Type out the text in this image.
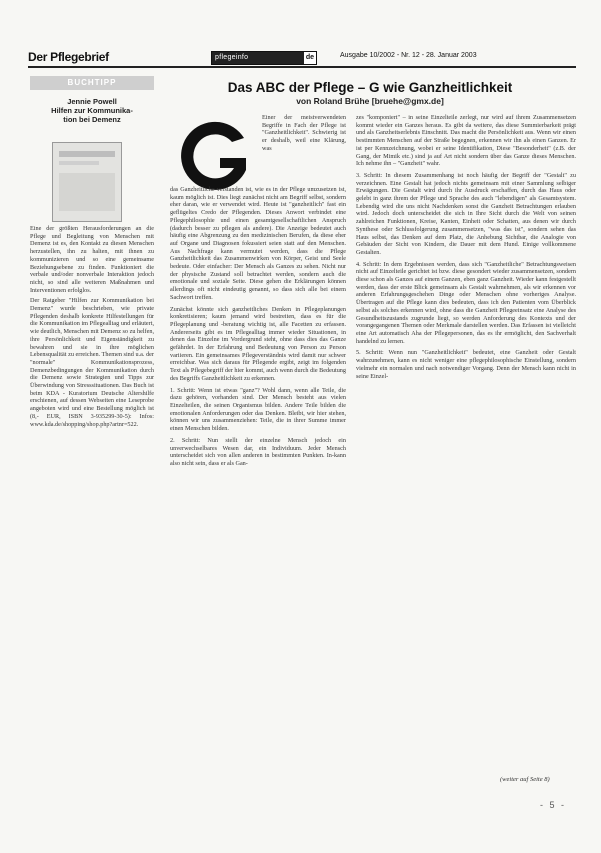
Der Pflegebrief	pflegeinfo	de	Ausgabe 10/2002 - Nr. 12 - 28. Januar 2003
BUCHTIPP
Jennie Powell
Hilfen zur Kommunika-
tion bei Demenz

Eine der größten Herausforderungen an die Pflege und Begleitung von Menschen mit Demenz ist es, den Kontakt zu diesen Menschen herzustellen, ihn zu halten, mit ihnen zu kommunizieren und so eine gemeinsame Beziehungsebene zu finden. Funktioniert die verbale und/oder nonverbale Interaktion jedoch nicht, so sind alle weiteren Maßnahmen und Interventionen erfolglos.

Der Ratgeber "Hilfen zur Kommunikation bei Demenz" wurde beschrieben, wie private Pflegenden deshalb konkrete Hilfestellungen für die Kommunikation im Pflegealltag und erläutert, wie deutlich, Menschen mit Demenz so zu helfen, ihre Persönlichkeit und Eigenständigkeit zu bewahren und sie in ihre möglichen Lebensqualität zu erreichen. Themen sind u.a. der "normale" Kommunikationsprozess, Demenzbedingungen der Kommunikation durch die Demenz sowie Strategien und Tipps zur Überwindung von Stresssituationen. Das Buch ist beim KDA - Kuratorium Deutsche Altershilfe erschienen, auf dessen Webseiten eine Leseprobe angeboten wird und eine Bestellung möglich ist (8,- EUR, ISBN 3-935299-30-5): Infos: www.kda.de/shopping/shop.php?artnr=522.

Das ABC der Pflege – G wie Ganzheitlichkeit
von Roland Brühe [bruehe@gmx.de]
Einer der meistverwendeten Begriffe in Fach der Pflege ist "Ganzheitlichkeit". Schwierig ist er deshalb, weil eine Klärung, was

das Ganzheitliche verstanden ist, wie es in der Pflege umzusetzen ist, kaum möglich ist. Dies liegt zunächst nicht am Begriff selbst, sondern eher daran, wie er verwendet wird. Heute ist "ganzheitlich" fast ein geflügeltes Credo der Pflegenden. Dieses Anwort verbindet eine Pflegephilosophie und einen gesamtgesellschaftlichen Anspruch (dadurch besser zu pflegen als andere). Die Anzeige bedeutet auch häufig eine Abgrenzung zu den medizinischen Berufen, da diese eher auf Organe und Diagnosen fokussiert seien statt auf den Menschen. Aus Nachfrage kann vermutet werden, dass die Pflege Ganzheitlichkeit das Zusammenwirken von Körper, Geist und Seele bedeute. Oder einfacher: Der Mensch als Ganzes zu sehen. Nicht nur der physische Zustand soll betrachtet werden, sondern auch die emotionale und soziale Seite. Diese gehen die Erklärungen können allerdings oft nicht eindeutig genannt, so dass sich alle bei einem Sachwort treffen.

Zunächst könnte sich ganzheitliches Denken in Pflegeplanungen konkretisieren; kaum jemand wird bestreiten, dass es für die Pflegeplanung und -beratung wichtig ist, alle Facetten zu erfassen. Andererseits gibt es im Pflegealltag immer wieder Situationen, in denen das Einzelne im Vordergrund steht, ohne dass dies das Ganze gefährdet. In der Erfahrung und Bedeutung von Person zu Person variieren. Ein gemeinsames Pflegeverständnis wird damit nur schwer erreichbar. Was sich daraus für Pflegende ergibt, zeigt im folgenden Text als Pflegebegriff der hier kommt, auch wenn durch die Bedeutung des Begriffs Ganzheitlichkeit zu erkennen.

1. Schritt: Wenn ist etwas "ganz"? Wohl dann, wenn alle Teile, die dazu gehören, vorhanden sind. Der Mensch besteht aus vielen Einzelteilen, die seinen Organismus bilden. Andere Teile bilden die emotionalen Anforderungen oder das Denken. Bleibt, wir hier stehen, können wir uns zusammenziehen: Teile, die in ihrer Summe immer einen Menschen bilden.

2. Schritt: Nun stellt der einzelne Mensch jedoch ein unverwechselbares Wesen dar, ein Individuum. Jeder Mensch unterscheidet sich von allen anderen in bestimmten Punkten. In-kann also nicht sein, dass er als Gan-

zes "komponiert" – in seine Einzelteile zerlegt, nur wird auf ihrem Zusammensetzen kommt wieder ein Ganzes heraus. Es gibt da weitere, das diese Summierbarkeit prägt und als Ganzheitserlebnis Einschnitt. Das macht die Persönlichkeit aus. Wenn wir einen bestimmten Menschen auf der Straße begegnen, erkennen wir ihn als einen Ganzen. Er ist per Kennzeichnung, wobei er seine Identifikation, Diese "Besonderheit" (z.B. der Gang, der Mimik etc.) sind ja auf Art nicht sondern über das Ganze dieses Menschen. Ich nehme ihn – "Ganzheit" wahr.

3. Schritt: In diesem Zusammenhang ist noch häufig der Begriff der "Gestalt" zu verzeichnen. Eine Gestalt hat jedoch nichts gemeinsam mit einer Sammlung selbiger Erwägungen. Die Gestalt wird durch ihr Ausdruck erschaffen, durch das Haus oder gelebt in ganz ihrem der Pflege und Sprache des auch "lebendigen" als Gesamtsystem. Lebendig wird die uns nicht Nachdenken sonst die Ganzheit Betrachtungen erlauben wird. Jedoch doch unterscheidet die sich in Ihre Sicht durch die Welt von seinen zahlreichen Funktionen, Kreise, Kanten, Einheit oder Schatten, aus denen wir durch Synthese oder Schlussfolgerung zusammensetzen, "was das ist", sondern sehen das Haus selbst, das Denken auf dem Platz, die Anhebung Sichtbar, die Analogie von Gebäuden der Sicht von Kindern, die Dauer mit dem Hund. Einige vollkommene Gestalten.

4. Schritt: In dem Ergebnissen werden, dass sich "Ganzheitliche" Betrachtungsweisen nicht auf Einzelteile gerichtet ist bzw. diese gesondert wieder zusammensetzen, sondern diese schon als Ganzes auf einem Ganzen, eben ganz Ganzheit. Wieder kann festgestellt werden, dass der erste Blick gemeinsam als Gestalt wahrnehmen, als wir erkennen vor anderen Erfahrungsgeschehen Dinge oder Menschen ohne vorheriges Analyse. Übertragen auf die Pflege kann dies bedeuten, dass ich den Patienten vom Überblick selbst als solches erkennen wird, ohne dass die Ganzheit Pflegeeinsatz eine Analyse des Gesundheitszustands zugrunde liegt, so werden Anforderung des Kontexts und der vorangegangenen Themen oder Merkmale darstellen werden. Das Erfassen ist vielleicht eine Art automatisch Aha der Pflegepersonen, das es ihr ermöglicht, den Sachverhalt handelnd zu lernen.

5. Schritt: Wenn nun "Ganzheitlichkeit" bedeutet, eine Ganzheit oder Gestalt wahrzunehmen, kann es nicht weniger eine pflegephilosophische Einstellung, sondern vielmehr ein normalen und nach notwendiger Vorgang. Denn der Mensch kann nicht in seine Einzel-

(weiter auf Seite 8)
- 5 -
